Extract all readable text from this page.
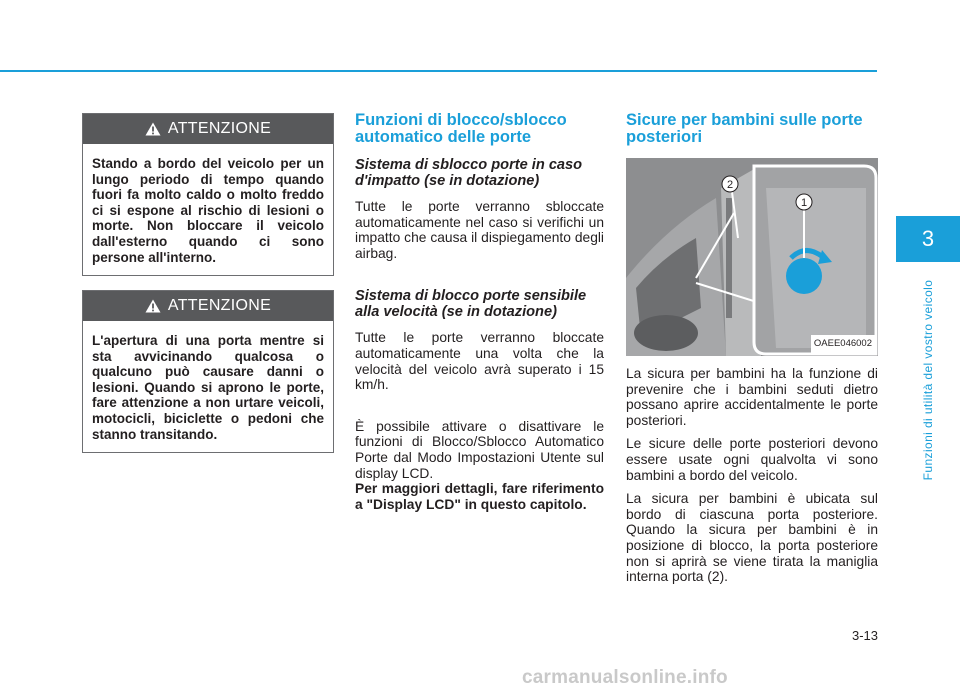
ATTENZIONE
Stando a bordo del veicolo per un lungo periodo di tempo quando fuori fa molto caldo o molto freddo ci si espone al rischio di lesioni o morte. Non bloccare il veicolo dall'esterno quando ci sono persone all'interno.
ATTENZIONE
L'apertura di una porta mentre si sta avvicinando qualcosa o qualcuno può causare danni o lesioni. Quando si aprono le porte, fare attenzione a non urtare veicoli, motocicli, biciclette o pedoni che stanno transitando.
Funzioni di blocco/sblocco automatico delle porte
Sistema di sblocco porte in caso d'impatto (se in dotazione)

Tutte le porte verranno sbloccate automaticamente nel caso si verifichi un impatto che causa il dispiegamento degli airbag.

Sistema di blocco porte sensibile alla velocità (se in dotazione)

Tutte le porte verranno bloccate automaticamente una volta che la velocità del veicolo avrà superato i 15 km/h.

È possibile attivare o disattivare le funzioni di Blocco/Sblocco Automatico Porte dal Modo Impostazioni Utente sul display LCD.

Per maggiori dettagli, fare riferimento a "Display LCD" in questo capitolo.

Sicure per bambini sulle porte posteriori
1
2
OAEE046002

La sicura per bambini ha la funzione di prevenire che i bambini seduti dietro possano aprire accidentalmente le porte posteriori.

Le sicure delle porte posteriori devono essere usate ogni qualvolta vi sono bambini a bordo del veicolo.

La sicura per bambini è ubicata sul bordo di ciascuna porta posteriore. Quando la sicura per bambini è in posizione di blocco, la porta posteriore non si aprirà se viene tirata la maniglia interna porta (2).

3
Funzioni di utilità del vostro veicolo
3-13
carmanualsonline.info
